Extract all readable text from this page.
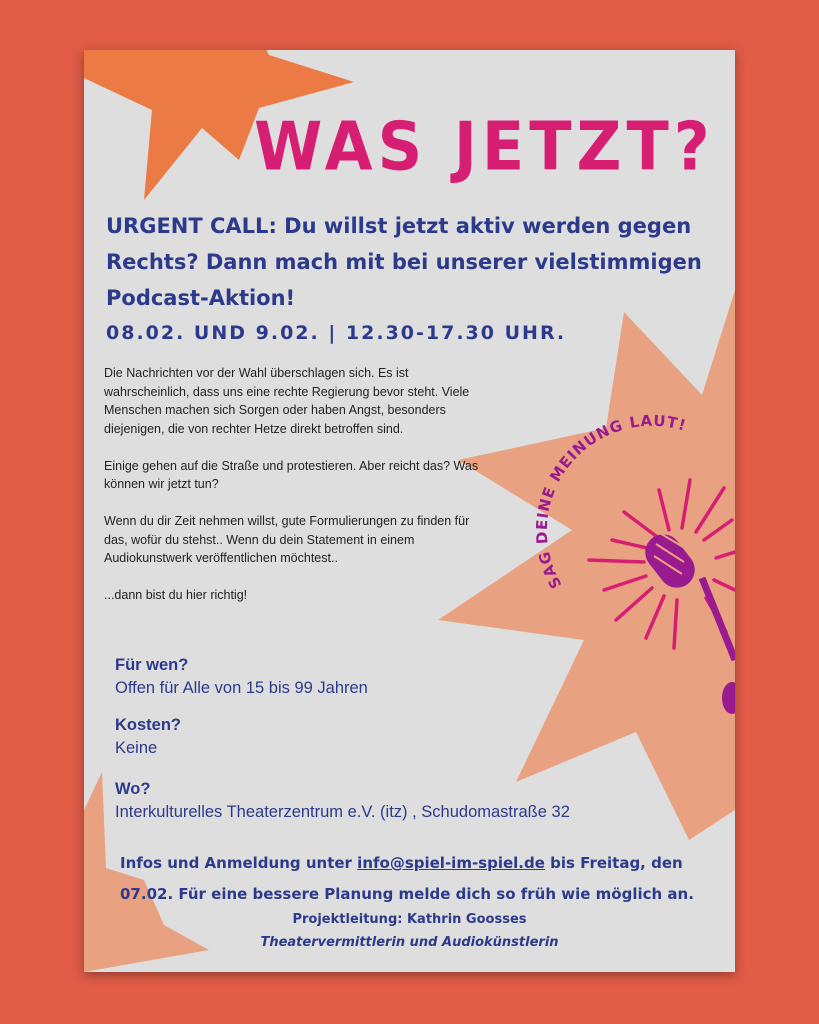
SAG DEINE MEINUNG LAUT!
WAS JETZT?
URGENT CALL: Du willst jetzt aktiv werden gegen Rechts? Dann mach mit bei unserer vielstimmigen Podcast-Aktion!
08.02. UND 9.02. | 12.30-17.30 UHR.

Die Nachrichten vor der Wahl überschlagen sich. Es ist wahrscheinlich, dass uns eine rechte Regierung bevor steht. Viele Menschen machen sich Sorgen oder haben Angst, besonders diejenigen, die von rechter Hetze direkt betroffen sind.

Einige gehen auf die Straße und protestieren. Aber reicht das? Was können wir jetzt tun?

Wenn du dir Zeit nehmen willst, gute Formulierungen zu finden für das, wofür du stehst.. Wenn du dein Statement in einem Audiokunstwerk veröffentlichen möchtest..

...dann bist du hier richtig!

Für wen?
Offen für Alle von 15 bis 99 Jahren
Kosten?
Keine
Wo?
Interkulturelles Theaterzentrum e.V. (itz) , Schudomastraße 32
Infos und Anmeldung unter info@spiel-im-spiel.de bis Freitag, den 07.02. Für eine bessere Planung melde dich so früh wie möglich an.
Projektleitung: Kathrin Goosses
Theatervermittlerin und Audiokünstlerin
